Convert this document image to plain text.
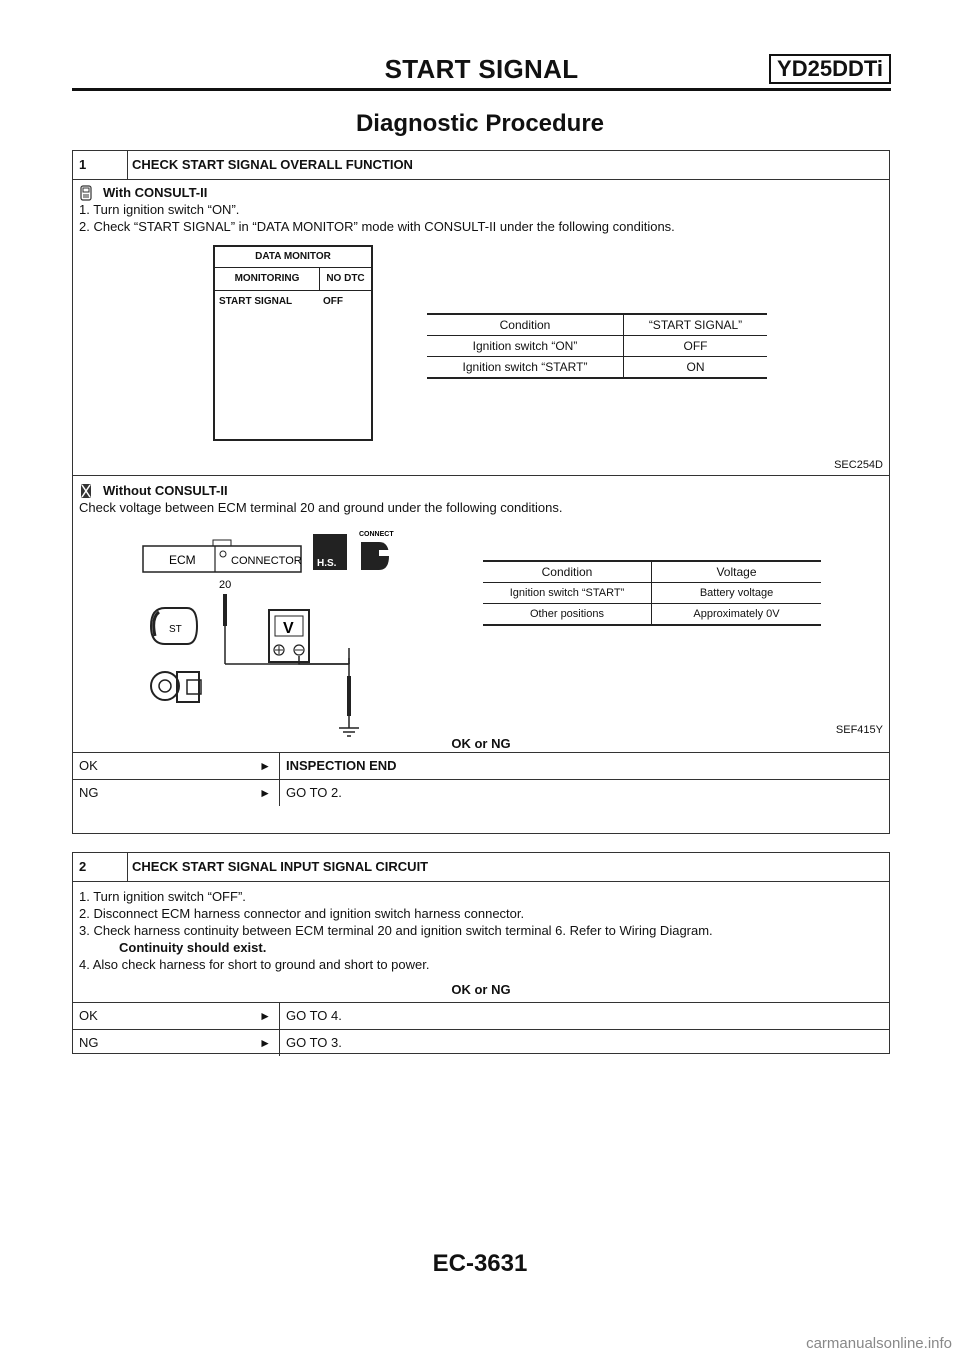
START SIGNAL	YD25DDTi
Diagnostic Procedure
1	CHECK START SIGNAL OVERALL FUNCTION
With CONSULT-II
1. Turn ignition switch “ON”.
2. Check “START SIGNAL” in “DATA MONITOR” mode with CONSULT-II under the following conditions.
DATA MONITOR
MONITORING	NO DTC
START SIGNAL	OFF
Condition	“START SIGNAL”
Ignition switch “ON”	OFF
Ignition switch “START”	ON
SEC254D
Without CONSULT-II
Check voltage between ECM terminal 20 and ground under the following conditions.
ECM	CONNECTOR H.S.
CONNECT
20
V
ST
Condition	Voltage
Ignition switch “START”	Battery voltage
Other positions	Approximately 0V
SEF415Y
OK or NG
OK	►	INSPECTION END
NG	►	GO TO 2.
2	CHECK START SIGNAL INPUT SIGNAL CIRCUIT
1. Turn ignition switch “OFF”.
2. Disconnect ECM harness connector and ignition switch harness connector.
3. Check harness continuity between ECM terminal 20 and ignition switch terminal 6. Refer to Wiring Diagram.
Continuity should exist.
4. Also check harness for short to ground and short to power.
OK or NG
OK	►	GO TO 4.
NG	►	GO TO 3.
EC-3631
carmanualsonline.info
